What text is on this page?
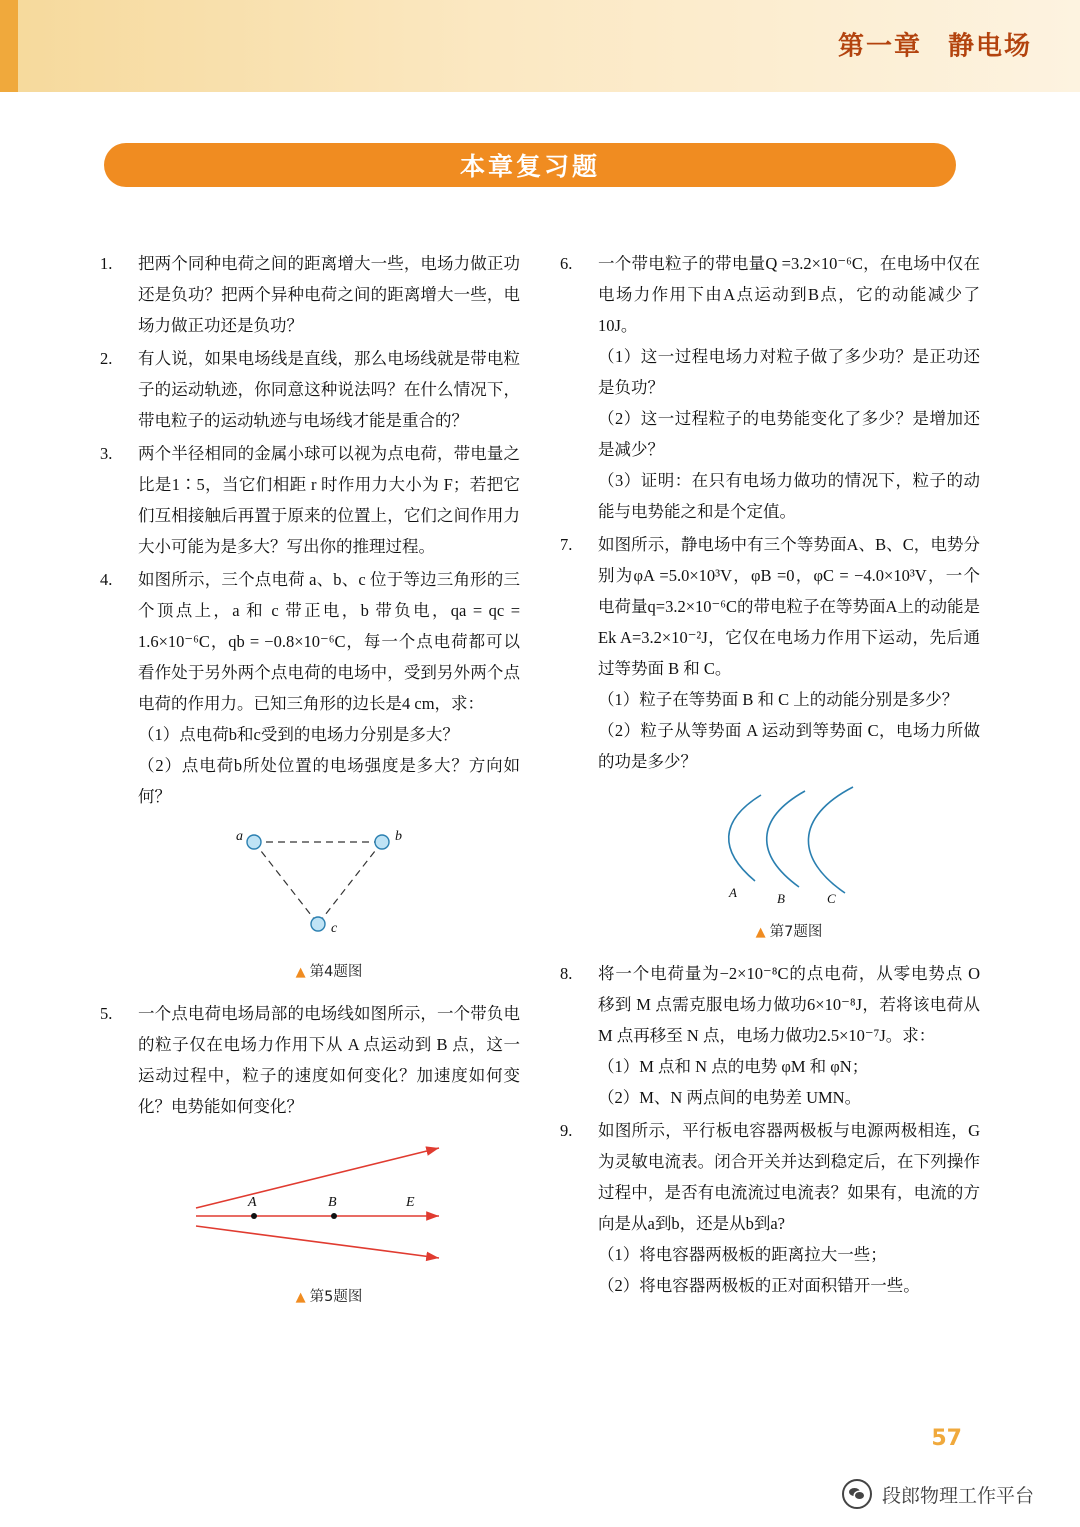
第一章 静电场
本章复习题
1.	把两个同种电荷之间的距离增大一些，电场力做正功还是负功？把两个异种电荷之间的距离增大一些，电场力做正功还是负功？

2.	有人说，如果电场线是直线，那么电场线就是带电粒子的运动轨迹，你同意这种说法吗？在什么情况下，带电粒子的运动轨迹与电场线才能是重合的？

3.	两个半径相同的金属小球可以视为点电荷，带电量之比是1∶5，当它们相距 r 时作用力大小为 F；若把它们互相接触后再置于原来的位置上，它们之间作用力大小可能为是多大？写出你的推理过程。

4.	如图所示，三个点电荷 a、b、c 位于等边三角形的三个顶点上，a 和 c 带正电，b 带负电，qa = qc = 1.6×10⁻⁶C，qb = −0.8×10⁻⁶C，每一个点电荷都可以看作处于另外两个点电荷的电场中，受到另外两个点电荷的作用力。已知三角形的边长是4 cm，求：

（1）点电荷b和c受到的电场力分别是多大？

（2）点电荷b所处位置的电场强度是多大？方向如何？

a	b
c
▲ 第4题图
5.	一个点电荷电场局部的电场线如图所示，一个带负电的粒子仅在电场力作用下从 A 点运动到 B 点，这一运动过程中，粒子的速度如何变化？加速度如何变化？电势能如何变化？

A	B	E
▲ 第5题图
6.	一个带电粒子的带电量Q =3.2×10⁻⁶C，在电场中仅在电场力作用下由A点运动到B点，它的动能减少了10J。

（1）这一过程电场力对粒子做了多少功？是正功还是负功？

（2）这一过程粒子的电势能变化了多少？是增加还是减少？

（3）证明：在只有电场力做功的情况下，粒子的动能与电势能之和是个定值。

7.	如图所示，静电场中有三个等势面A、B、C，电势分别为φA =5.0×10³V，φB =0，φC = −4.0×10³V，一个电荷量q=3.2×10⁻⁶C的带电粒子在等势面A上的动能是Ek A=3.2×10⁻²J，它仅在电场力作用下运动，先后通过等势面 B 和 C。

（1）粒子在等势面 B 和 C 上的动能分别是多少？

（2）粒子从等势面 A 运动到等势面 C，电场力所做的功是多少？

A	B	C
▲ 第7题图
8.	将一个电荷量为−2×10⁻⁸C的点电荷，从零电势点 O 移到 M 点需克服电场力做功6×10⁻⁸J，若将该电荷从 M 点再移至 N 点，电场力做功2.5×10⁻⁷J。求：

（1）M 点和 N 点的电势 φM 和 φN；

（2）M、N 两点间的电势差 UMN。

9.	如图所示，平行板电容器两极板与电源两极相连，G为灵敏电流表。闭合开关并达到稳定后，在下列操作过程中，是否有电流流过电流表？如果有，电流的方向是从a到b，还是从b到a?

（1）将电容器两极板的距离拉大一些；

（2）将电容器两极板的正对面积错开一些。

57
段郎物理工作平台
